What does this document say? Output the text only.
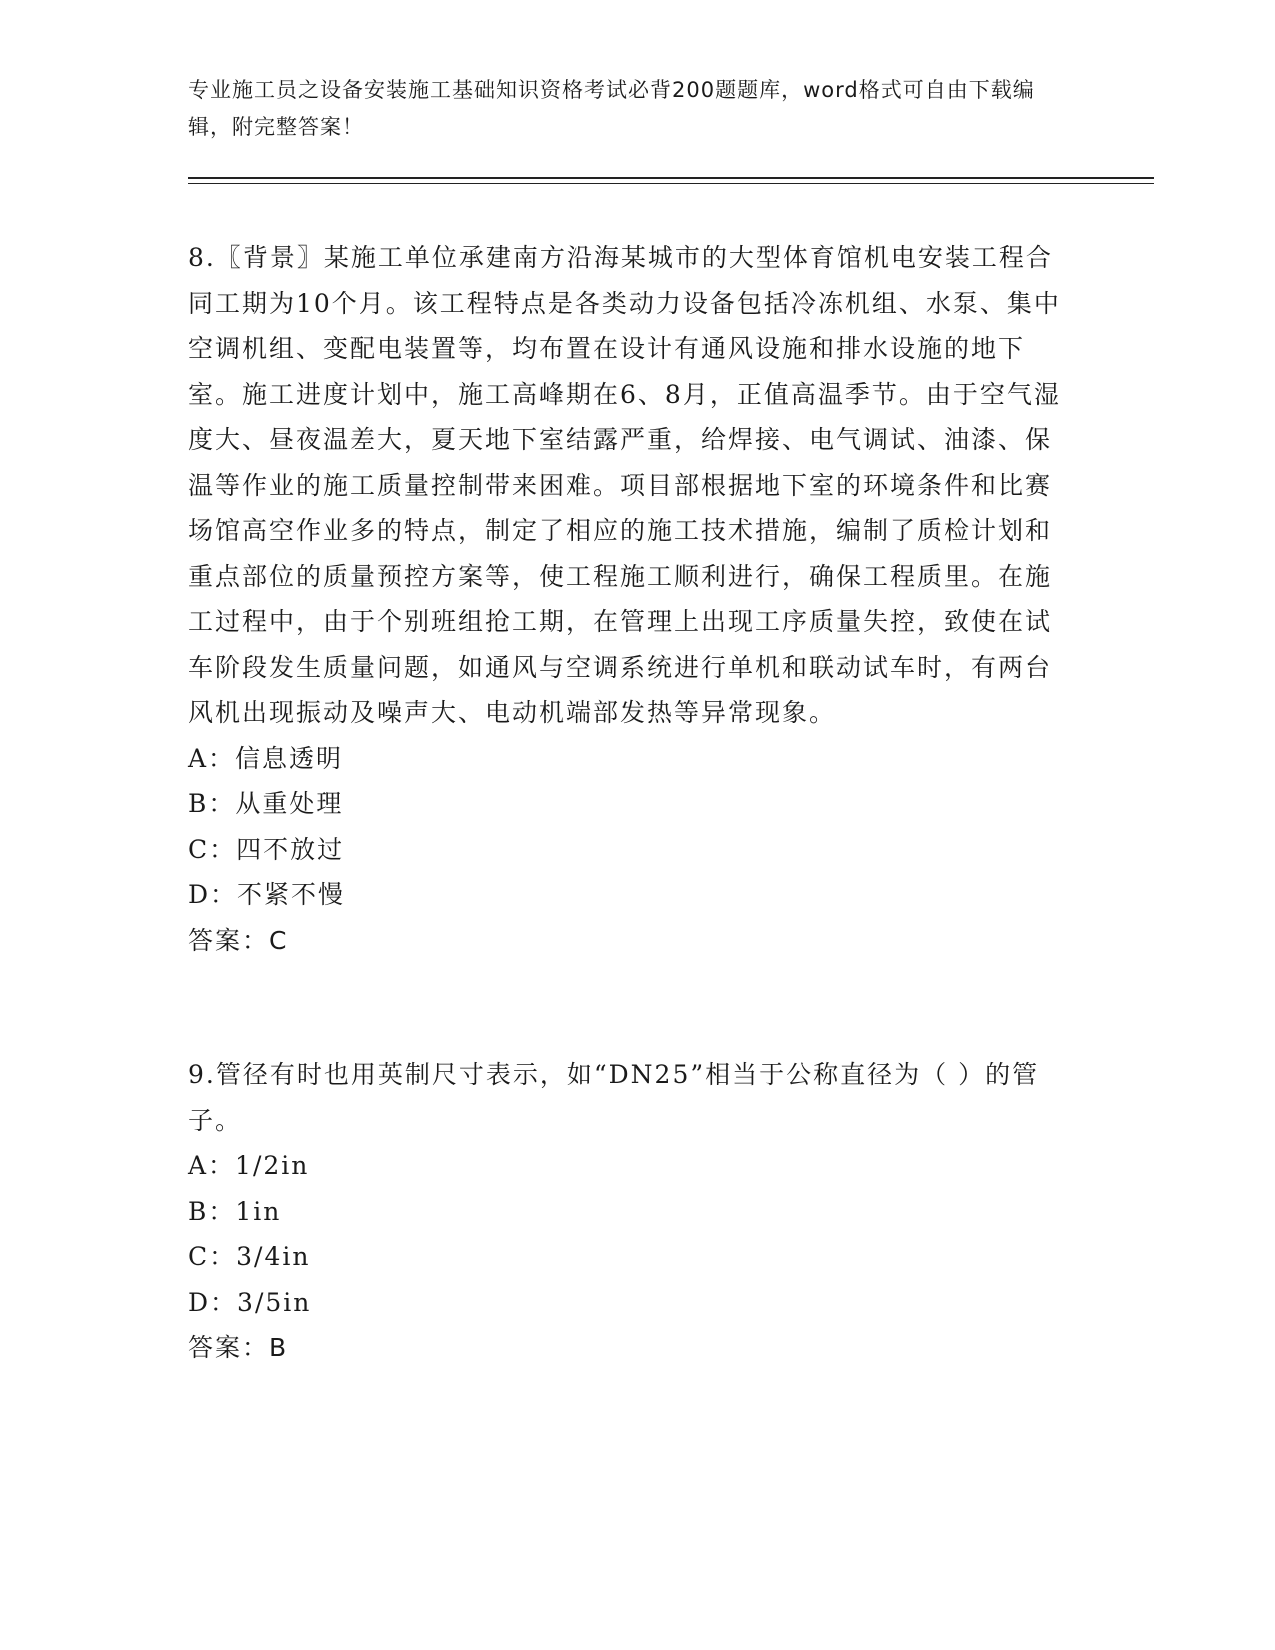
专业施工员之设备安装施工基础知识资格考试必背200题题库，word格式可自由下载编辑，附完整答案！

8.〖背景〗某施工单位承建南方沿海某城市的大型体育馆机电安装工程合同工期为10个月。该工程特点是各类动力设备包括冷冻机组、水泵、集中空调机组、变配电装置等，均布置在设计有通风设施和排水设施的地下室。施工进度计划中，施工高峰期在6、8月，正值高温季节。由于空气湿度大、昼夜温差大，夏天地下室结露严重，给焊接、电气调试、油漆、保温等作业的施工质量控制带来困难。项目部根据地下室的环境条件和比赛场馆高空作业多的特点，制定了相应的施工技术措施，编制了质检计划和重点部位的质量预控方案等，使工程施工顺利进行，确保工程质里。在施工过程中，由于个别班组抢工期，在管理上出现工序质量失控，致使在试车阶段发生质量问题，如通风与空调系统进行单机和联动试车时，有两台风机出现振动及噪声大、电动机端部发热等异常现象。

A：信息透明

B：从重处理

C：四不放过

D：不紧不慢

答案：C

9.管径有时也用英制尺寸表示，如“DN25”相当于公称直径为（ ）的管子。

A：1/2in

B：1in

C：3/4in

D：3/5in

答案：B
